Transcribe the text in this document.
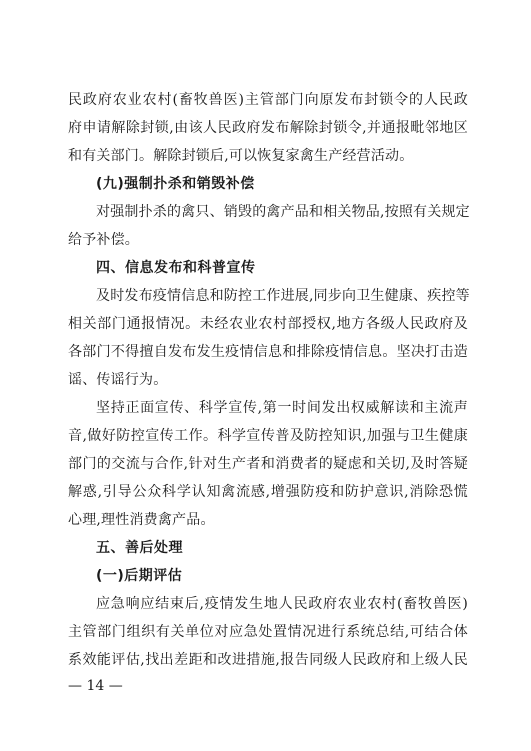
民政府农业农村(畜牧兽医)主管部门向原发布封锁令的人民政
府申请解除封锁,由该人民政府发布解除封锁令,并通报毗邻地区
和有关部门。解除封锁后,可以恢复家禽生产经营活动。
(九)强制扑杀和销毁补偿
对强制扑杀的禽只、销毁的禽产品和相关物品,按照有关规定
给予补偿。
四、信息发布和科普宣传
及时发布疫情信息和防控工作进展,同步向卫生健康、疾控等
相关部门通报情况。未经农业农村部授权,地方各级人民政府及
各部门不得擅自发布发生疫情信息和排除疫情信息。坚决打击造
谣、传谣行为。
坚持正面宣传、科学宣传,第一时间发出权威解读和主流声
音,做好防控宣传工作。科学宣传普及防控知识,加强与卫生健康
部门的交流与合作,针对生产者和消费者的疑虑和关切,及时答疑
解惑,引导公众科学认知禽流感,增强防疫和防护意识,消除恐慌
心理,理性消费禽产品。
五、善后处理
(一)后期评估
应急响应结束后,疫情发生地人民政府农业农村(畜牧兽医)
主管部门组织有关单位对应急处置情况进行系统总结,可结合体
系效能评估,找出差距和改进措施,报告同级人民政府和上级人民
— 14 —
